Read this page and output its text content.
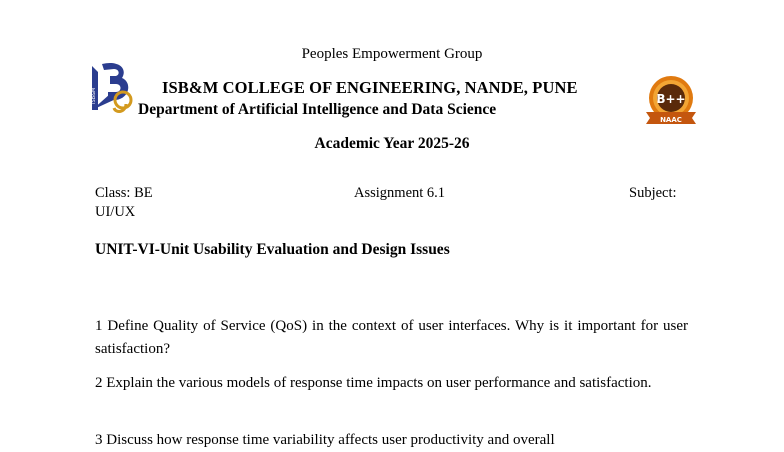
ISB&M
Peoples Empowerment Group
ISB&M COLLEGE OF ENGINEERING, NANDE, PUNE
Department of Artificial Intelligence and Data Science
B++
NAAC
Academic Year 2025-26
Class: BE	Assignment 6.1	Subject:
UI/UX
UNIT-VI-Unit Usability Evaluation and Design Issues
1 Define Quality of Service (QoS) in the context of user interfaces. Why is it important for user satisfaction?
2 Explain the various models of response time impacts on user performance and satisfaction.
3 Discuss how response time variability affects user productivity and overall
